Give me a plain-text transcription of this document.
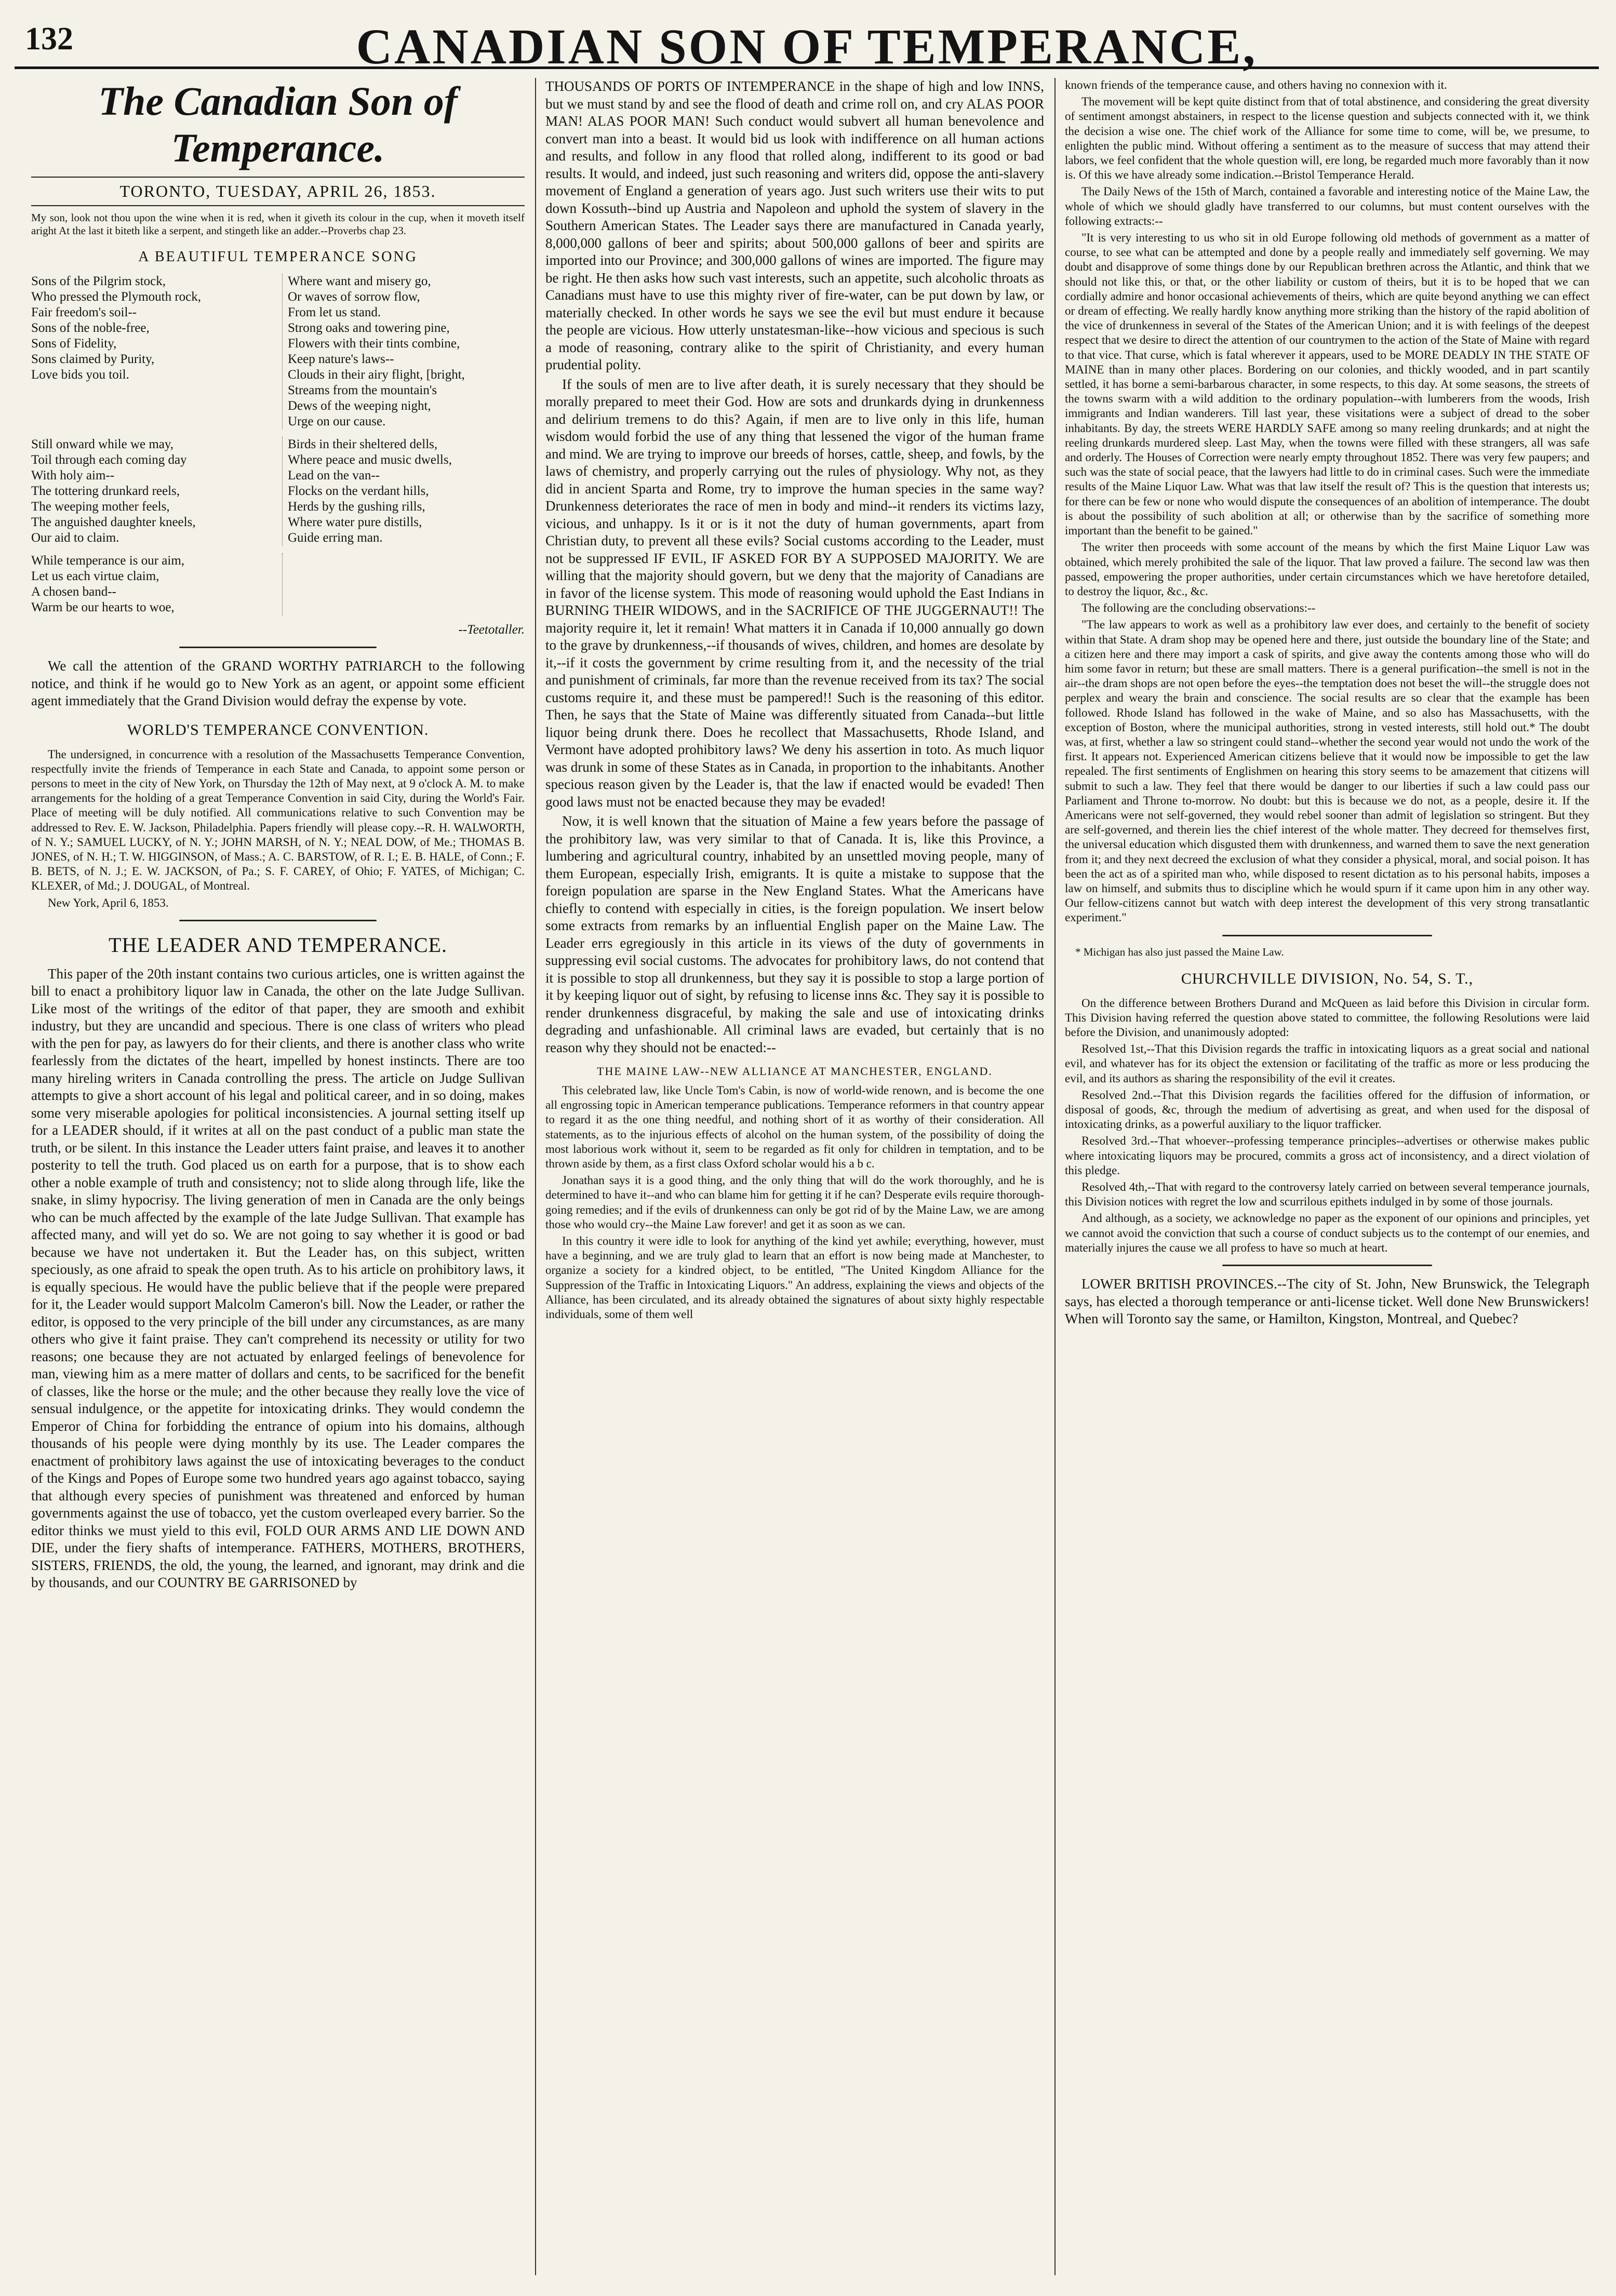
132	CANADIAN SON OF TEMPERANCE,
The Canadian Son of Temperance.
TORONTO, TUESDAY, APRIL 26, 1853.
My son, look not thou upon the wine when it is red, when it giveth its colour in the cup, when it moveth itself aright At the last it biteth like a serpent, and stingeth like an adder.--Proverbs chap 23.
A BEAUTIFUL TEMPERANCE SONG
Sons of the Pilgrim stock,
Who pressed the Plymouth rock,
Fair freedom's soil--
Sons of the noble-free,
Sons of Fidelity,
Sons claimed by Purity,
Love bids you toil.
Where want and misery go,
Or waves of sorrow flow,
From let us stand.
Strong oaks and towering pine,
Flowers with their tints combine,
Keep nature's laws--
Clouds in their airy flight, [bright,
Streams from the mountain's
Dews of the weeping night,
Urge on our cause.
Still onward while we may,
Toil through each coming day
With holy aim--
The tottering drunkard reels,
The weeping mother feels,
The anguished daughter kneels,
Our aid to claim.
Birds in their sheltered dells,
Where peace and music dwells,
Lead on the van--
Flocks on the verdant hills,
Herds by the gushing rills,
Where water pure distills,
Guide erring man.
While temperance is our aim,
Let us each virtue claim,
A chosen band--
Warm be our hearts to woe,
--Teetotaller.

We call the attention of the GRAND WORTHY PATRIARCH to the following notice, and think if he would go to New York as an agent, or appoint some efficient agent immediately that the Grand Division would defray the expense by vote.

WORLD'S TEMPERANCE CONVENTION.

The undersigned, in concurrence with a resolution of the Massachusetts Temperance Convention, respectfully invite the friends of Temperance in each State and Canada, to appoint some person or persons to meet in the city of New York, on Thursday the 12th of May next, at 9 o'clock A. M. to make arrangements for the holding of a great Temperance Convention in said City, during the World's Fair. Place of meeting will be duly notified. All communications relative to such Convention may be addressed to Rev. E. W. Jackson, Philadelphia. Papers friendly will please copy.--R. H. WALWORTH, of N. Y.; SAMUEL LUCKY, of N. Y.; JOHN MARSH, of N. Y.; NEAL DOW, of Me.; THOMAS B. JONES, of N. H.; T. W. HIGGINSON, of Mass.; A. C. BARSTOW, of R. I.; E. B. HALE, of Conn.; F. B. BETS, of N. J.; E. W. JACKSON, of Pa.; S. F. CAREY, of Ohio; F. YATES, of Michigan; C. KLEXER, of Md.; J. DOUGAL, of Montreal.

New York, April 6, 1853.

THE LEADER AND TEMPERANCE.

This paper of the 20th instant contains two curious articles, one is written against the bill to enact a prohibitory liquor law in Canada, the other on the late Judge Sullivan. Like most of the writings of the editor of that paper, they are smooth and exhibit industry, but they are uncandid and specious. There is one class of writers who plead with the pen for pay, as lawyers do for their clients, and there is another class who write fearlessly from the dictates of the heart, impelled by honest instincts. There are too many hireling writers in Canada controlling the press. The article on Judge Sullivan attempts to give a short account of his legal and political career, and in so doing, makes some very miserable apologies for political inconsistencies. A journal setting itself up for a LEADER should, if it writes at all on the past conduct of a public man state the truth, or be silent. In this instance the Leader utters faint praise, and leaves it to another posterity to tell the truth. God placed us on earth for a purpose, that is to show each other a noble example of truth and consistency; not to slide along through life, like the snake, in slimy hypocrisy. The living generation of men in Canada are the only beings who can be much affected by the example of the late Judge Sullivan. That example has affected many, and will yet do so. We are not going to say whether it is good or bad because we have not undertaken it. But the Leader has, on this subject, written speciously, as one afraid to speak the open truth. As to his article on prohibitory laws, it is equally specious. He would have the public believe that if the people were prepared for it, the Leader would support Malcolm Cameron's bill. Now the Leader, or rather the editor, is opposed to the very principle of the bill under any circumstances, as are many others who give it faint praise. They can't comprehend its necessity or utility for two reasons; one because they are not actuated by enlarged feelings of benevolence for man, viewing him as a mere matter of dollars and cents, to be sacrificed for the benefit of classes, like the horse or the mule; and the other because they really love the vice of sensual indulgence, or the appetite for intoxicating drinks. They would condemn the Emperor of China for forbidding the entrance of opium into his domains, although thousands of his people were dying monthly by its use. The Leader compares the enactment of prohibitory laws against the use of intoxicating beverages to the conduct of the Kings and Popes of Europe some two hundred years ago against tobacco, saying that although every species of punishment was threatened and enforced by human governments against the use of tobacco, yet the custom overleaped every barrier. So the editor thinks we must yield to this evil, FOLD OUR ARMS AND LIE DOWN AND DIE, under the fiery shafts of intemperance. FATHERS, MOTHERS, BROTHERS, SISTERS, FRIENDS, the old, the young, the learned, and ignorant, may drink and die by thousands, and our COUNTRY BE GARRISONED by

THOUSANDS OF PORTS OF INTEMPERANCE in the shape of high and low INNS, but we must stand by and see the flood of death and crime roll on, and cry ALAS POOR MAN! ALAS POOR MAN! Such conduct would subvert all human benevolence and convert man into a beast. It would bid us look with indifference on all human actions and results, and follow in any flood that rolled along, indifferent to its good or bad results. It would, and indeed, just such reasoning and writers did, oppose the anti-slavery movement of England a generation of years ago. Just such writers use their wits to put down Kossuth--bind up Austria and Napoleon and uphold the system of slavery in the Southern American States. The Leader says there are manufactured in Canada yearly, 8,000,000 gallons of beer and spirits; about 500,000 gallons of beer and spirits are imported into our Province; and 300,000 gallons of wines are imported. The figure may be right. He then asks how such vast interests, such an appetite, such alcoholic throats as Canadians must have to use this mighty river of fire-water, can be put down by law, or materially checked. In other words he says we see the evil but must endure it because the people are vicious. How utterly unstatesman-like--how vicious and specious is such a mode of reasoning, contrary alike to the spirit of Christianity, and every human prudential polity.

If the souls of men are to live after death, it is surely necessary that they should be morally prepared to meet their God. How are sots and drunkards dying in drunkenness and delirium tremens to do this? Again, if men are to live only in this life, human wisdom would forbid the use of any thing that lessened the vigor of the human frame and mind. We are trying to improve our breeds of horses, cattle, sheep, and fowls, by the laws of chemistry, and properly carrying out the rules of physiology. Why not, as they did in ancient Sparta and Rome, try to improve the human species in the same way? Drunkenness deteriorates the race of men in body and mind--it renders its victims lazy, vicious, and unhappy. Is it or is it not the duty of human governments, apart from Christian duty, to prevent all these evils? Social customs according to the Leader, must not be suppressed IF EVIL, IF ASKED FOR BY A SUPPOSED MAJORITY. We are willing that the majority should govern, but we deny that the majority of Canadians are in favor of the license system. This mode of reasoning would uphold the East Indians in BURNING THEIR WIDOWS, and in the SACRIFICE OF THE JUGGERNAUT!! The majority require it, let it remain! What matters it in Canada if 10,000 annually go down to the grave by drunkenness,--if thousands of wives, children, and homes are desolate by it,--if it costs the government by crime resulting from it, and the necessity of the trial and punishment of criminals, far more than the revenue received from its tax? The social customs require it, and these must be pampered!! Such is the reasoning of this editor. Then, he says that the State of Maine was differently situated from Canada--but little liquor being drunk there. Does he recollect that Massachusetts, Rhode Island, and Vermont have adopted prohibitory laws? We deny his assertion in toto. As much liquor was drunk in some of these States as in Canada, in proportion to the inhabitants. Another specious reason given by the Leader is, that the law if enacted would be evaded! Then good laws must not be enacted because they may be evaded!

Now, it is well known that the situation of Maine a few years before the passage of the prohibitory law, was very similar to that of Canada. It is, like this Province, a lumbering and agricultural country, inhabited by an unsettled moving people, many of them European, especially Irish, emigrants. It is quite a mistake to suppose that the foreign population are sparse in the New England States. What the Americans have chiefly to contend with especially in cities, is the foreign population. We insert below some extracts from remarks by an influential English paper on the Maine Law. The Leader errs egregiously in this article in its views of the duty of governments in suppressing evil social customs. The advocates for prohibitory laws, do not contend that it is possible to stop all drunkenness, but they say it is possible to stop a large portion of it by keeping liquor out of sight, by refusing to license inns &c. They say it is possible to render drunkenness disgraceful, by making the sale and use of intoxicating drinks degrading and unfashionable. All criminal laws are evaded, but certainly that is no reason why they should not be enacted:--

THE MAINE LAW--NEW ALLIANCE AT MANCHESTER, ENGLAND.

This celebrated law, like Uncle Tom's Cabin, is now of world-wide renown, and is become the one all engrossing topic in American temperance publications. Temperance reformers in that country appear to regard it as the one thing needful, and nothing short of it as worthy of their consideration. All statements, as to the injurious effects of alcohol on the human system, of the possibility of doing the most laborious work without it, seem to be regarded as fit only for children in temptation, and to be thrown aside by them, as a first class Oxford scholar would his a b c.

Jonathan says it is a good thing, and the only thing that will do the work thoroughly, and he is determined to have it--and who can blame him for getting it if he can? Desperate evils require thorough-going remedies; and if the evils of drunkenness can only be got rid of by the Maine Law, we are among those who would cry--the Maine Law forever! and get it as soon as we can.

In this country it were idle to look for anything of the kind yet awhile; everything, however, must have a beginning, and we are truly glad to learn that an effort is now being made at Manchester, to organize a society for a kindred object, to be entitled, "The United Kingdom Alliance for the Suppression of the Traffic in Intoxicating Liquors." An address, explaining the views and objects of the Alliance, has been circulated, and its already obtained the signatures of about sixty highly respectable individuals, some of them well

known friends of the temperance cause, and others having no connexion with it.

The movement will be kept quite distinct from that of total abstinence, and considering the great diversity of sentiment amongst abstainers, in respect to the license question and subjects connected with it, we think the decision a wise one. The chief work of the Alliance for some time to come, will be, we presume, to enlighten the public mind. Without offering a sentiment as to the measure of success that may attend their labors, we feel confident that the whole question will, ere long, be regarded much more favorably than it now is. Of this we have already some indication.--Bristol Temperance Herald.

The Daily News of the 15th of March, contained a favorable and interesting notice of the Maine Law, the whole of which we should gladly have transferred to our columns, but must content ourselves with the following extracts:--

"It is very interesting to us who sit in old Europe following old methods of government as a matter of course, to see what can be attempted and done by a people really and immediately self governing. We may doubt and disapprove of some things done by our Republican brethren across the Atlantic, and think that we should not like this, or that, or the other liability or custom of theirs, but it is to be hoped that we can cordially admire and honor occasional achievements of theirs, which are quite beyond anything we can effect or dream of effecting. We really hardly know anything more striking than the history of the rapid abolition of the vice of drunkenness in several of the States of the American Union; and it is with feelings of the deepest respect that we desire to direct the attention of our countrymen to the action of the State of Maine with regard to that vice. That curse, which is fatal wherever it appears, used to be MORE DEADLY IN THE STATE OF MAINE than in many other places. Bordering on our colonies, and thickly wooded, and in part scantily settled, it has borne a semi-barbarous character, in some respects, to this day. At some seasons, the streets of the towns swarm with a wild addition to the ordinary population--with lumberers from the woods, Irish immigrants and Indian wanderers. Till last year, these visitations were a subject of dread to the sober inhabitants. By day, the streets WERE HARDLY SAFE among so many reeling drunkards; and at night the reeling drunkards murdered sleep. Last May, when the towns were filled with these strangers, all was safe and orderly. The Houses of Correction were nearly empty throughout 1852. There was very few paupers; and such was the state of social peace, that the lawyers had little to do in criminal cases. Such were the immediate results of the Maine Liquor Law. What was that law itself the result of? This is the question that interests us; for there can be few or none who would dispute the consequences of an abolition of intemperance. The doubt is about the possibility of such abolition at all; or otherwise than by the sacrifice of something more important than the benefit to be gained."

The writer then proceeds with some account of the means by which the first Maine Liquor Law was obtained, which merely prohibited the sale of the liquor. That law proved a failure. The second law was then passed, empowering the proper authorities, under certain circumstances which we have heretofore detailed, to destroy the liquor, &c., &c.

The following are the concluding observations:--

"The law appears to work as well as a prohibitory law ever does, and certainly to the benefit of society within that State. A dram shop may be opened here and there, just outside the boundary line of the State; and a citizen here and there may import a cask of spirits, and give away the contents among those who will do him some favor in return; but these are small matters. There is a general purification--the smell is not in the air--the dram shops are not open before the eyes--the temptation does not beset the will--the struggle does not perplex and weary the brain and conscience. The social results are so clear that the example has been followed. Rhode Island has followed in the wake of Maine, and so also has Massachusetts, with the exception of Boston, where the municipal authorities, strong in vested interests, still hold out.* The doubt was, at first, whether a law so stringent could stand--whether the second year would not undo the work of the first. It appears not. Experienced American citizens believe that it would now be impossible to get the law repealed. The first sentiments of Englishmen on hearing this story seems to be amazement that citizens will submit to such a law. They feel that there would be danger to our liberties if such a law could pass our Parliament and Throne to-morrow. No doubt: but this is because we do not, as a people, desire it. If the Americans were not self-governed, they would rebel sooner than admit of legislation so stringent. But they are self-governed, and therein lies the chief interest of the whole matter. They decreed for themselves first, the universal education which disgusted them with drunkenness, and warned them to save the next generation from it; and they next decreed the exclusion of what they consider a physical, moral, and social poison. It has been the act as of a spirited man who, while disposed to resent dictation as to his personal habits, imposes a law on himself, and submits thus to discipline which he would spurn if it came upon him in any other way. Our fellow-citizens cannot but watch with deep interest the development of this very strong transatlantic experiment."

* Michigan has also just passed the Maine Law.
CHURCHVILLE DIVISION, No. 54, S. T.,

On the difference between Brothers Durand and McQueen as laid before this Division in circular form. This Division having referred the question above stated to committee, the following Resolutions were laid before the Division, and unanimously adopted:

Resolved 1st,--That this Division regards the traffic in intoxicating liquors as a great social and national evil, and whatever has for its object the extension or facilitating of the traffic as more or less producing the evil, and its authors as sharing the responsibility of the evil it creates.

Resolved 2nd.--That this Division regards the facilities offered for the diffusion of information, or disposal of goods, &c, through the medium of advertising as great, and when used for the disposal of intoxicating drinks, as a powerful auxiliary to the liquor trafficker.

Resolved 3rd.--That whoever--professing temperance principles--advertises or otherwise makes public where intoxicating liquors may be procured, commits a gross act of inconsistency, and a direct violation of this pledge.

Resolved 4th,--That with regard to the controversy lately carried on between several temperance journals, this Division notices with regret the low and scurrilous epithets indulged in by some of those journals.

And although, as a society, we acknowledge no paper as the exponent of our opinions and principles, yet we cannot avoid the conviction that such a course of conduct subjects us to the contempt of our enemies, and materially injures the cause we all profess to have so much at heart.

LOWER BRITISH PROVINCES.--The city of St. John, New Brunswick, the Telegraph says, has elected a thorough temperance or anti-license ticket. Well done New Brunswickers! When will Toronto say the same, or Hamilton, Kingston, Montreal, and Quebec?
